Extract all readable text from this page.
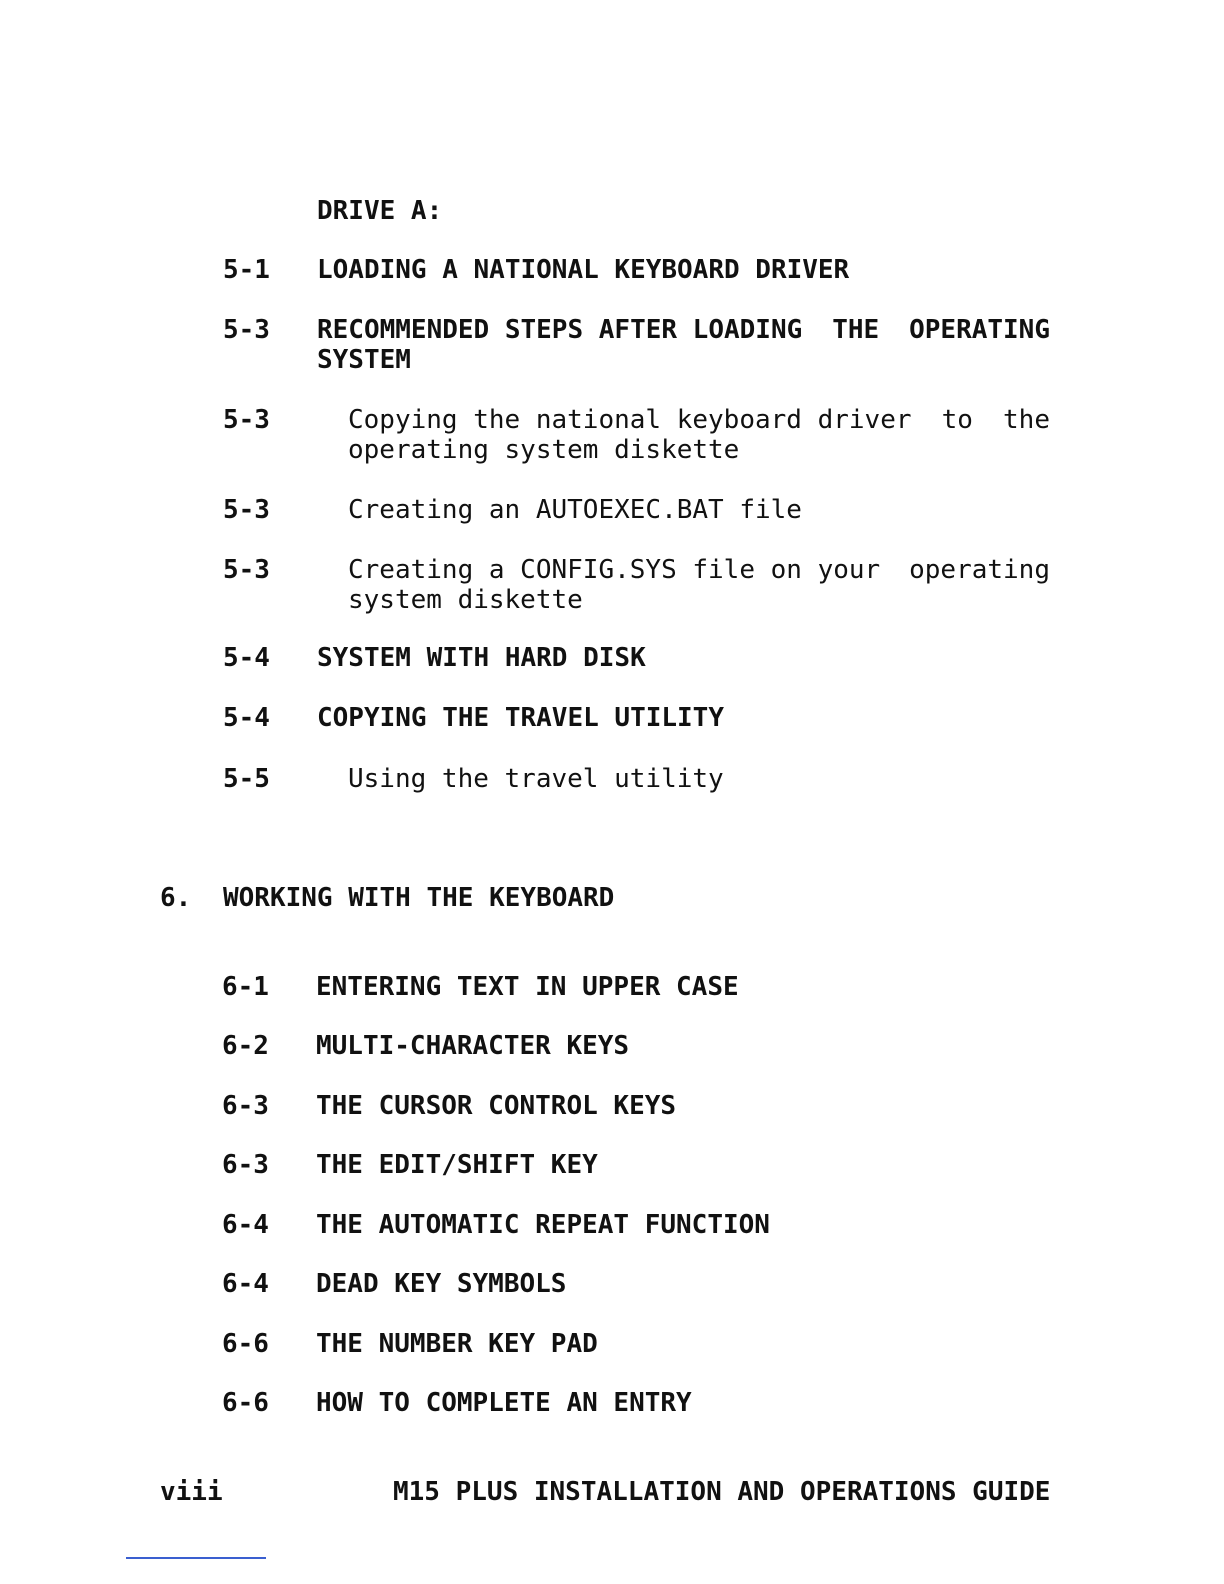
DRIVE A:
5-1 LOADING A NATIONAL KEYBOARD DRIVER
5-3 RECOMMENDED STEPS AFTER LOADING THE OPERATING
SYSTEM
5-3	Copying the national keyboard driver to the
operating system diskette
5-3	Creating an AUTOEXEC.BAT file
5-3	Creating a CONFIG.SYS file on your operating
system diskette
5-4 SYSTEM WITH HARD DISK
5-4 COPYING THE TRAVEL UTILITY
5-5	Using the travel utility
6. WORKING WITH THE KEYBOARD
6-1 ENTERING TEXT IN UPPER CASE
6-2 MULTI-CHARACTER KEYS
6-3 THE CURSOR CONTROL KEYS
6-3 THE EDIT/SHIFT KEY
6-4 THE AUTOMATIC REPEAT FUNCTION
6-4 DEAD KEY SYMBOLS
6-6 THE NUMBER KEY PAD
6-6 HOW TO COMPLETE AN ENTRY
viii	M15 PLUS INSTALLATION AND OPERATIONS GUIDE
